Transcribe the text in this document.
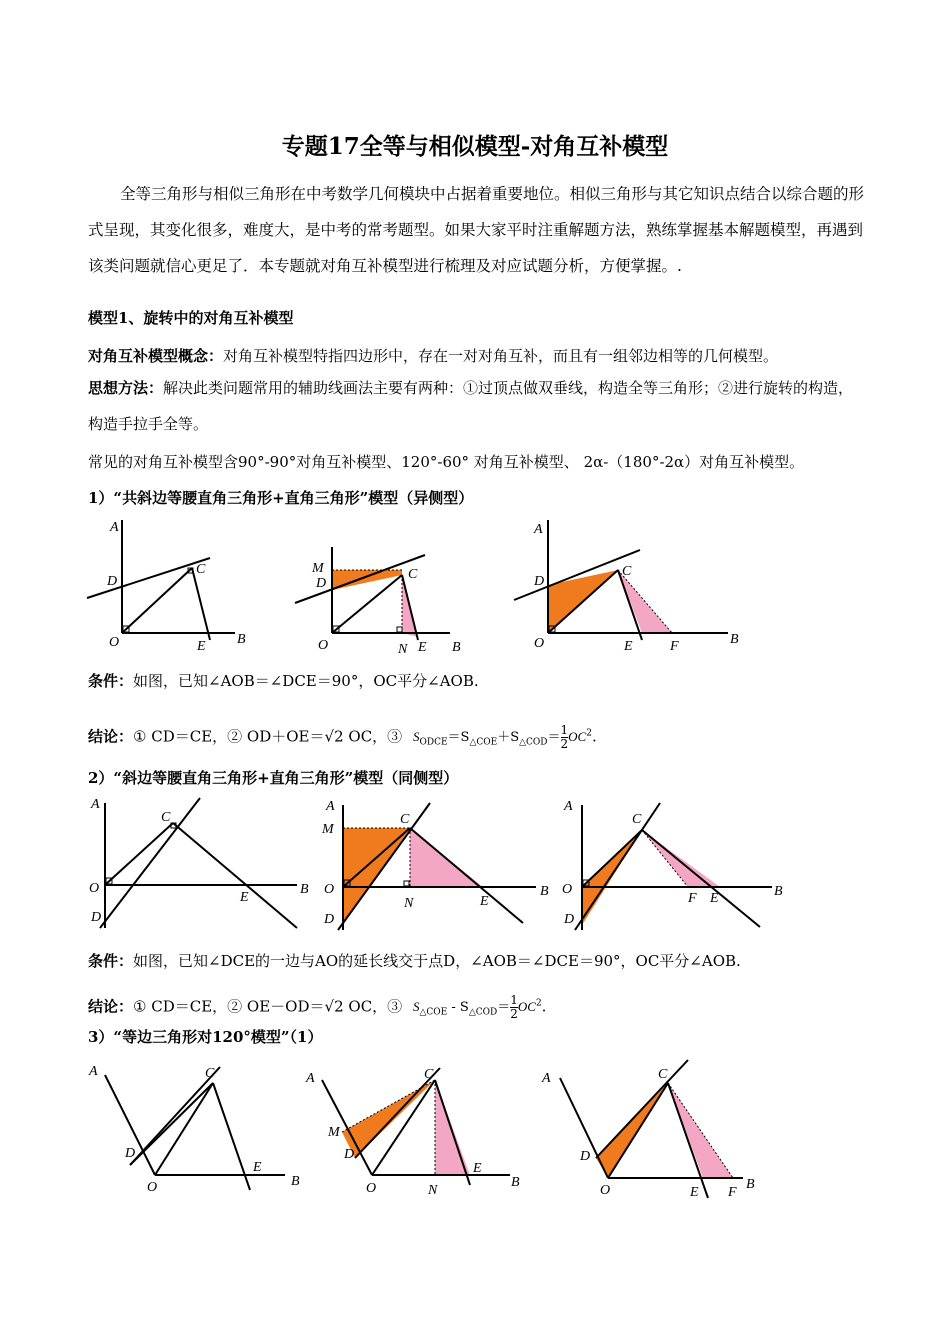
专题17全等与相似模型-对角互补模型
全等三角形与相似三角形在中考数学几何模块中占据着重要地位。相似三角形与其它知识点结合以综合题的形式呈现，其变化很多，难度大，是中考的常考题型。如果大家平时注重解题方法，熟练掌握基本解题模型，再遇到该类问题就信心更足了．本专题就对角互补模型进行梳理及对应试题分析，方便掌握。.
模型1、旋转中的对角互补模型
对角互补模型概念：对角互补模型特指四边形中，存在一对对角互补，而且有一组邻边相等的几何模型。
思想方法：解决此类问题常用的辅助线画法主要有两种：①过顶点做双垂线，构造全等三角形；②进行旋转的构造，构造手拉手全等。
常见的对角互补模型含90°-90°对角互补模型、120°-60° 对角互补模型、 2α-（180°-2α）对角互补模型。
1）“共斜边等腰直角三角形+直角三角形”模型（异侧型）
A
D
C
O	E B
M
D
C
O	N E B
A
D
C
O	E	F	B
条件：如图，已知∠AOB＝∠DCE＝90°，OC平分∠AOB.
结论：① CD＝CE，② OD＋OE＝√2 OC，③ $S_{ODCE}=S_{\triangle COE}+S_{\triangle COD}= \frac{1}{2} OC^2$.
2）“斜边等腰直角三角形+直角三角形”模型（同侧型）
A
C
O
D
E
B
A
M
C
O
D
N	E
B
A
C
O
D
F E	B
条件：如图，已知∠DCE的一边与AO的延长线交于点D，∠AOB＝∠DCE＝90°，OC平分∠AOB.
结论：① CD＝CE，② OE－OD＝√2 OC，③ $S_{\triangle COE} - S_{\triangle COD}= \frac{1}{2} OC^2$.
3）“等边三角形对120°模型”（1）
A	C
D
O
E
B
A	C
M
D
O	N
E
B
A	C
D
O	E F
B
